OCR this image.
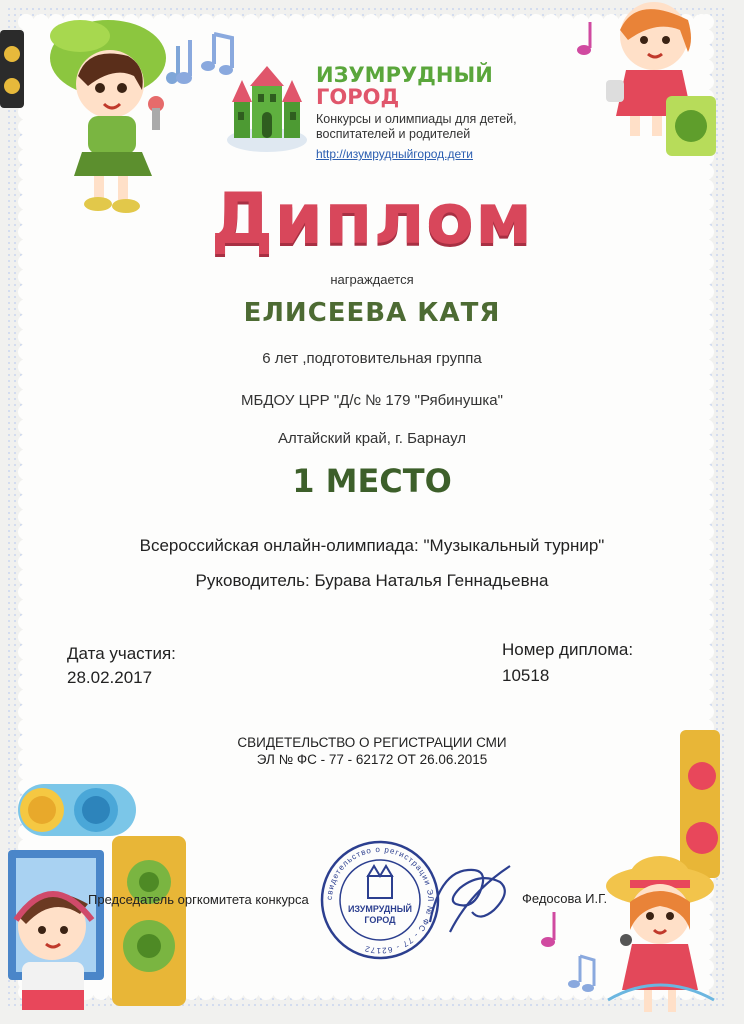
ИЗУМРУДНЫЙ
ГОРОД
Конкурсы и олимпиады для детей, воспитателей и родителей
http://изумрудныйгород.дети
Диплом
награждается
ЕЛИСЕЕВА КАТЯ
6 лет ,подготовительная группа
МБДОУ ЦРР "Д/с № 179 "Рябинушка"
Алтайский край, г. Барнаул
1 МЕСТО
Всероссийская онлайн-олимпиада: "Музыкальный турнир"
Руководитель: Бурава Наталья Геннадьевна
Дата участия:
28.02.2017
Номер диплома:
10518
СВИДЕТЕЛЬСТВО О РЕГИСТРАЦИИ СМИ
ЭЛ № ФС - 77 - 62172 ОТ 26.06.2015
Председатель оргкомитета конкурса	Федосова И.Г.
свидетельство о регистрации ЭЛ № ФС - 77 - 62172
ИЗУМРУДНЫЙ
ГОРОД
